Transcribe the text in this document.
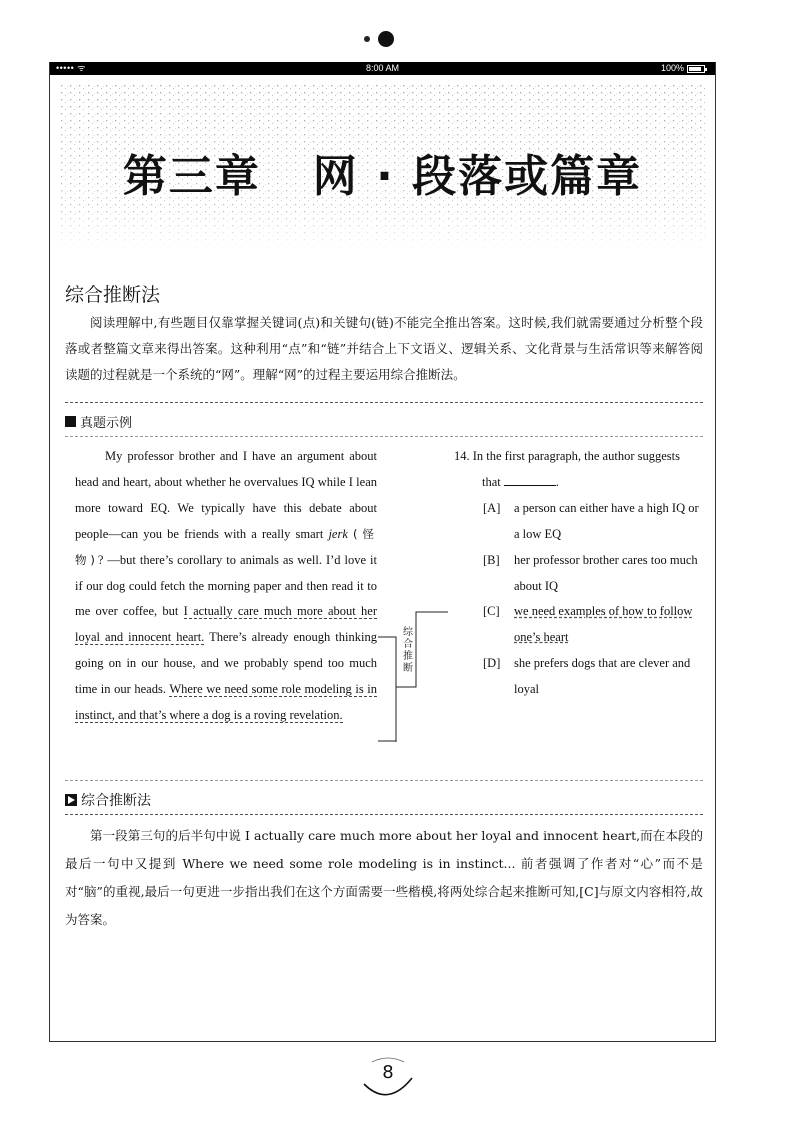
••••• ᯤ	8:00 AM	100%
第三章   网 · 段落或篇章
综合推断法
阅读理解中,有些题目仅靠掌握关键词(点)和关键句(链)不能完全推出答案。这时候,我们就需要通过分析整个段落或者整篇文章来得出答案。这种利用“点”和“链”并结合上下文语义、逻辑关系、文化背景与生活常识等来解答阅读题的过程就是一个系统的“网”。理解“网”的过程主要运用综合推断法。
真题示例
My professor brother and I have an argument about head and heart, about whether he overvalues IQ while I lean more toward EQ. We typically have this debate about people—can you be friends with a really smart jerk (怪物)? —but there’s corollary to animals as well. I’d love it if our dog could fetch the morning paper and then read it to me over coffee, but I actually care much more about her loyal and innocent heart. There’s already enough thinking going on in our house, and we probably spend too much time in our heads. Where we need some role modeling is in instinct, and that’s where a dog is a roving revelation.
综合推断
14. In the first paragraph, the author suggests that	.
[A] a person can either have a high IQ or a low EQ
[B] her professor brother cares too much about IQ
[C] we need examples of how to follow one’s heart
[D] she prefers dogs that are clever and loyal
综合推断法
第一段第三句的后半句中说 I actually care much more about her loyal and innocent heart,而在本段的最后一句中又提到 Where we need some role modeling is in instinct... 前者强调了作者对“心”而不是对“脑”的重视,最后一句更进一步指出我们在这个方面需要一些楷模,将两处综合起来推断可知,[C]与原文内容相符,故为答案。
8
